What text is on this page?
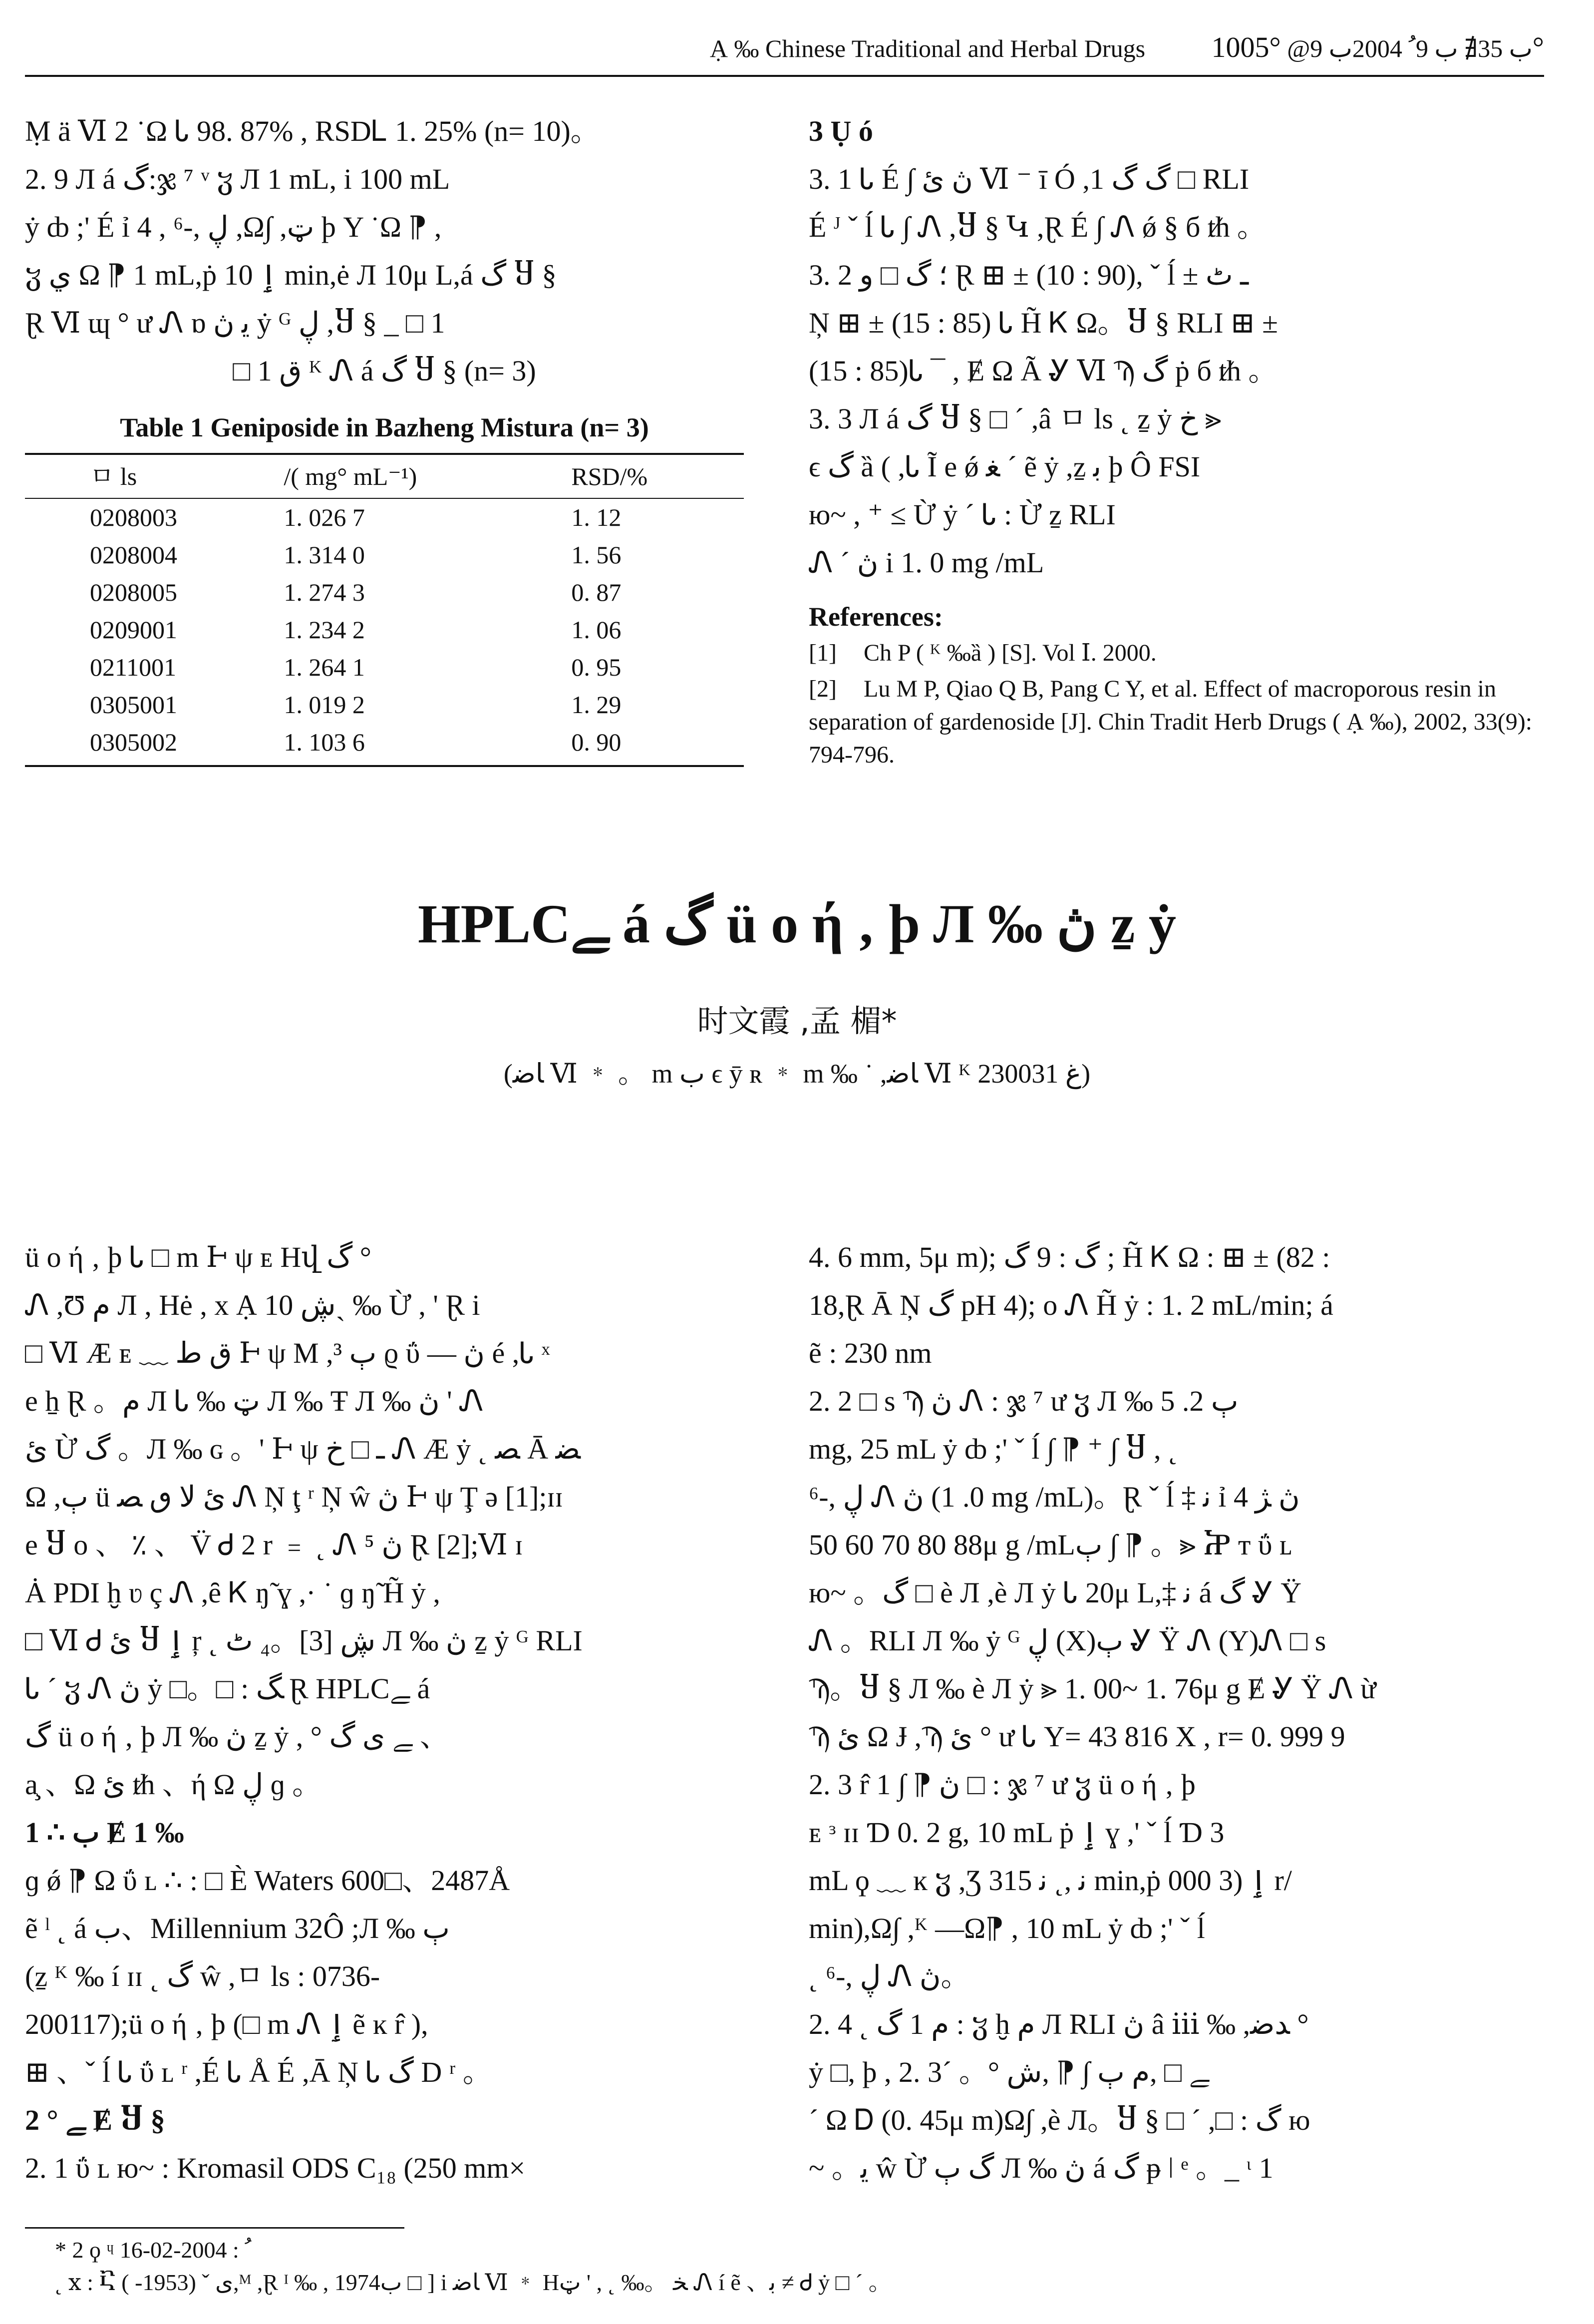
Ạ ‰ Chinese Traditional and Herbal Drugs ب 35∄ ب 9ﹸ 2004ب 9@ °1005°

Ṃ ä Ⅵ 2 ˙Ω Ꮣ 98. 87% , RSDᏞ 1. 25% (n= 10)。

2. 9 Л á ﮒ:ჯ ⁷ ᵛ ჳ Л 1 mL, i 100 mL

ẏ ȸ ;' É ỉ 4 , ڸ ,-⁶ ,Ω∫ ,ټ ϸ Y ˙Ω ⁋ ,

ჳ ي Ω ⁋ 1 mL,ṗ ٳ 10 min,ė Л 10μ L,á ﮒ Ⴘ §

Ɽ Ⅵ ɰ ° ư Ꮑ ɒ ﯾ ڽ ẏ ᴳ ڸ ,Ⴘ § _ □ 1

□ 1 ق ᴷ Ꮑ á ﮒ Ⴘ § (n= 3)

Table 1 Geniposide in Bazheng Mistura (n= 3)
ㅁ ls	/( mg° mL⁻¹)	RSD/%
0208003	1. 026 7	1. 12
0208004	1. 314 0	1. 56
0208005	1. 274 3	0. 87
0209001	1. 234 2	1. 06
0211001	1. 264 1	0. 95
0305001	1. 019 2	1. 29
0305002	1. 103 6	0. 90

3 Ụ ó

3. 1 Ꮣ É ∫ ڽ ئ Ⅵ ⁻ ī Ó ,1 ﮒ ﮒ □ RLI

É ᴶ ˇ ĺ Ꮣ ∫ Ꮑ ,Ⴘ § Կ ,Ɽ É ∫ Ꮑ ǿ § б ᵺ 。

3. 2 ؛ ﮒ □ و Ɽ ⊞ ± (10 : 90), ˇ ĺ ± ـ ٹ

Ņ ⊞ ± (15 : 85) Ꮣ H̃ Ꮶ Ω。Ⴘ § RLI ⊞ ±

(15 : 85)Ꮣ ¯ , Ɇ Ω Ã Ꮍ Ⅵ Ϡ ﮒ ṗ б ᵺ 。

3. 3 Л á ﮒ Ⴘ § □ ´ ,â ㅁ ls ˛ ẕ ẏ خ ⪢

ϵ ﮒ ȁ ( ,Ꮣ Ĩ e ǿ ﻐ ´ ẽ ẏ ,ẕ ﺑ ϸ Ô FSI

ю~ , ⁺ ≤ Ừ ẏ ´ Ꮣ : Ừ ẕ RLI

Ꮑ ´ ڽ i 1. 0 mg /mL

References:
[1] Ch P ( ᴷ ‰ȁ ) [S]. Vol Ⅰ. 2000.
[2] Lu M P, Qiao Q B, Pang C Y, et al. Effect of macroporous resin in separation of gardenoside [J]. Chin Tradit Herb Drugs ( Ạ ‰), 2002, 33(9): 794-796.
HPLCﮯ á ﮒ ü ο ή ‚ þ Л ‰ ڽ ẕ ẏ
时文霞 ,孟 楣*
(ﺎﺿ Ⅵ ﹡ 。 m ب ϵ ȳ ʀ ﹡ m ‰ ˙ ,ﺎﺿ Ⅵ ᴷ ﻍ 230031)

ü ο ή ‚ þ Ꮣ □ m Ͱ ψ ᴇ Hվ ﮒ °

Ꮑ ,Ʊ ﻡ Л , Hė , x Ạ ڜ 10ˏ ‰ Ừ , ' Ɽ i

□ Ⅵ Æ ᴇ ﹏ ق ﻁ Ͱ ψ M ,ٻ ³ ϱ ΰ — ڽ é ,Ꮣ ˣ

e ẖ Ɽ 。ﻡ Л Ꮣ ‰ ټ Л ‰ Ŧ Л ‰ ڽ ' Ꮑ

ئ Ừ ﮒ 。Л ‰ ɢ 。' Ͱ ψ ـ □ خ Ꮑ Æ ẏ ˛ ﺼ Ā ﻀ

Ω ,ٻ ü ئ ﻻ ٯ ﺼ Ꮑ Ņ ţ ʳ Ņ ŵ ڽ Ͱ ψ Ţ ə [1];ɪɪ

e Ⴘ ο 、 ٪ 、 V̈ Ꮷ 2 r ﹦ ˛ Ꮑ ⁵ ڽ Ɽ [2];Ⅵ ɪ

Ȧ PDI ḫ ʋ ç Ꮑ ,ȇ Ꮶ ŋ̃ ɣ ,· ˙ ɡ ŋ̃ H̃ ẏ ,

□ Ⅵ Ꮷ ئ Ⴘ ٳ ŗ ˛ ڜ [3]。₄ ٹ Л ‰ ڽ ẕ ẏ ᴳ RLI

Ꮣ ´ ჳ Ꮑ ڽ ẏ □。□ : ﮓ Ɽ HPLCﮯ á

ﮒ ü ο ή ‚ þ Л ‰ ڽ ẕ ẏ , ° ﮯ ﻯ ﮒ 、

a̧ 、Ω ئ ᵺ 、ή Ω ڸ ɡ 。

1 ∴ ب Ɇ 1 ‰

ɡ ǿ ⁋ Ω ΰ ʟ ∴ : □ È Waters 600□、2487Å

ẽ ˡ ˛ á ب、Millennium 32Ô ;Л ‰ ٻ

(ẕ ᴷ ‰ í ɪɪ ˛ ﮒ ŵ ,ㅁ ls : 0736-

200117);ü ο ή ‚ þ (□ m Ꮑ ٳ ẽ ĸ r̂ ),

⊞ 、ˇ ĺ Ꮣ ΰ ʟ ʳ ,É Ꮣ Å É ,Ā Ņ Ꮣ ﮒ D ʳ 。

2 ° ﮯ Ɇ Ⴘ §

2. 1 ΰ ʟ ю~ : Kromasil ODS C₁₈ (250 mm×

4. 6 mm, 5μ m); ﮒ : 9 ﮒ ; H̃ Ꮶ Ω : ⊞ ± (82 :

18,Ɽ Ā Ņ ﮒ pH 4); ο Ꮑ H̃ ẏ : 1. 2 mL/min; á

ẽ : 230 nm

2. 2 □ s Ϡ ڽ Ꮑ : ჯ ⁷ ư ჳ Л ‰ ٻ 2. 5

mg, 25 mL ẏ ȸ ;' ˇ ĺ ∫ ⁋ ⁺ ∫ Ⴘ , ˛

ڸ ,-⁶ Ꮑ ڽ (0. 1 mg /mL)。Ɽ ˇ ĺ ‡ ﻧ ỉ 4 ڽ ﮋ

50 60 70 80 88μ g /mLٻ ∫ ⁋ 。⪢ Ⴟ ᴛ ΰ ʟ

ю~ 。ﮒ □ è Л ,è Л ẏ Ꮣ 20μ L,‡ ﻧ á ﮒ Ꮍ Ÿ

Ꮑ 。RLI Л ‰ ẏ ᴳ ڸ (X)ٻ Ꮍ Ÿ Ꮑ (Y)Ꮑ □ s

Ϡ。Ⴘ § Л ‰ è Л ẏ ⪢ 1. 00~ 1. 76μ g Ɇ Ꮍ Ÿ Ꮑ ừ

Ϡ ئ Ω Ɉ ,Ϡ ئ ° ư Ꮣ Y= 43 816 X , r= 0. 999 9

2. 3 r̂ 1 ∫ ⁋ ڽ □ : ჯ ⁷ ư ჳ ü ο ή ‚ þ

ᴇ ᶟ ɪɪ Ɗ 0. 2 g, 10 mL ṗ ٳ ɣ ,' ˇ ĺ Ɗ 3

mL ϙ ﹏ ĸ ჳ ,Ʒ 3ﻧ ,˛ ﻧ 15 min,ṗ ٳ (3 000 r/

min),Ω∫ ,ᴷ —Ω⁋ , 10 mL ẏ ȸ ;' ˇ ĺ

˛ ڸ ,-⁶ Ꮑ ڽ。

2. 4 ˛ ﻡ 1 ﮒ : ჳ ḫ ﻡ Л RLI ڽ â ⅲ ‰ ,ﺪﺿ °

ẏ □, þ , 2. 3´ 。° ﮯ □ ,ﻡ ٻ ∫ ⁋ ,ﺵ

´ Ω Ꭰ (0. 45μ m)Ω∫ ,è Л。Ⴘ § □ ´ ,□ : ﮒ ю

~ 。ﯾ ŵ Ừ ﮒ ٻ Л ‰ ڽ á ﮒ ᵽ ǀ ᵉ 。_ ᶥ 1

* 2 ϙ ᶣ ﹸ : 2004-02-16
˛ ⅹ : Ⴀ ﻯ ˇ (1953- ),ᴹ ,Ɽ ᴵ ‰ , 1974ب □ ] i ﺎﺿ Ⅵ ﹡ Hﺨ 。‰ ˛ , ' ټ Ꮑ í ẽ 、ﺑ ≠ Ꮷ ẏ □ ´ 。
